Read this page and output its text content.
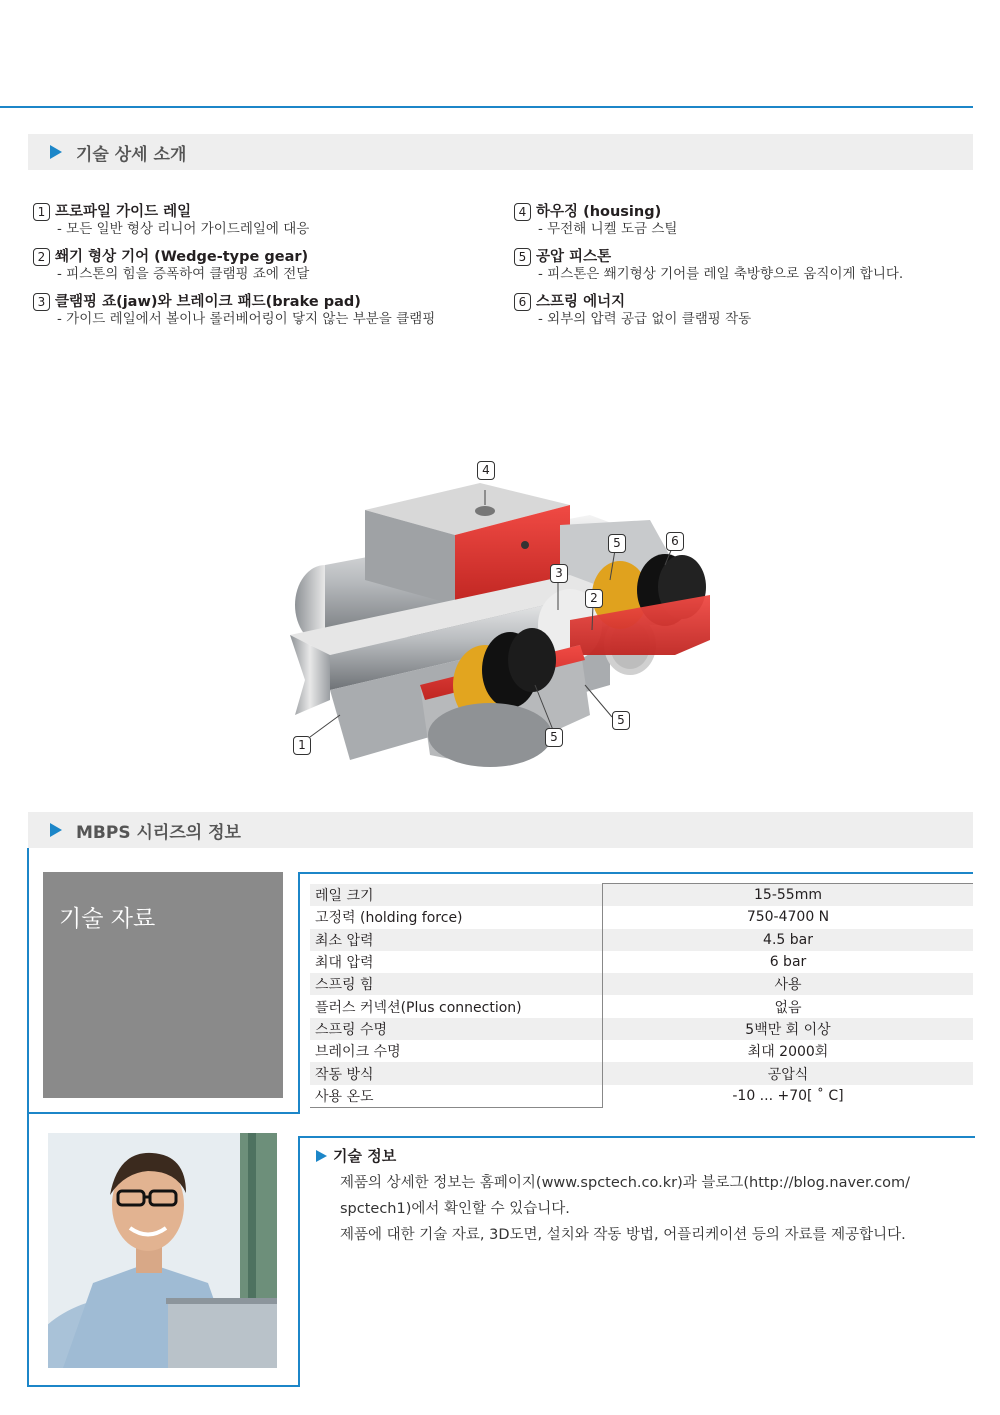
기술 상세 소개
1 프로파일 가이드 레일
- 모든 일반 형상 리니어 가이드레일에 대응
2 쐐기 형상 기어 (Wedge-type gear)
- 피스톤의 힘을 증폭하여 클램핑 죠에 전달
3 클램핑 죠(jaw)와 브레이크 패드(brake pad)
- 가이드 레일에서 볼이나 롤러베어링이 닿지 않는 부분을 클램핑
4 하우징 (housing)
- 무전해 니켈 도금 스틸
5 공압 피스톤
- 피스톤은 쐐기형상 기어를 레일 축방향으로 움직이게 합니다.
6 스프링 에너지
- 외부의 압력 공급 없이 클램핑 작동
4
5	6
3
2
1
5
5
MBPS 시리즈의 정보
기술 자료
레일 크기	15-55mm
고정력 (holding force)	750-4700 N
최소 압력	4.5 bar
최대 압력	6 bar
스프링 힘	사용
플러스 커넥션(Plus connection)	없음
스프링 수명	5백만 회 이상
브레이크 수명	최대 2000회
작동 방식	공압식
사용 온도	-10 ... +70[ ˚ C]
기술 정보
제품의 상세한 정보는 홈페이지(www.spctech.co.kr)과 블로그(http://blog.naver.com/
spctech1)에서 확인할 수 있습니다.
제품에 대한 기술 자료, 3D도면, 설치와 작동 방법, 어플리케이션 등의 자료를 제공합니다.
